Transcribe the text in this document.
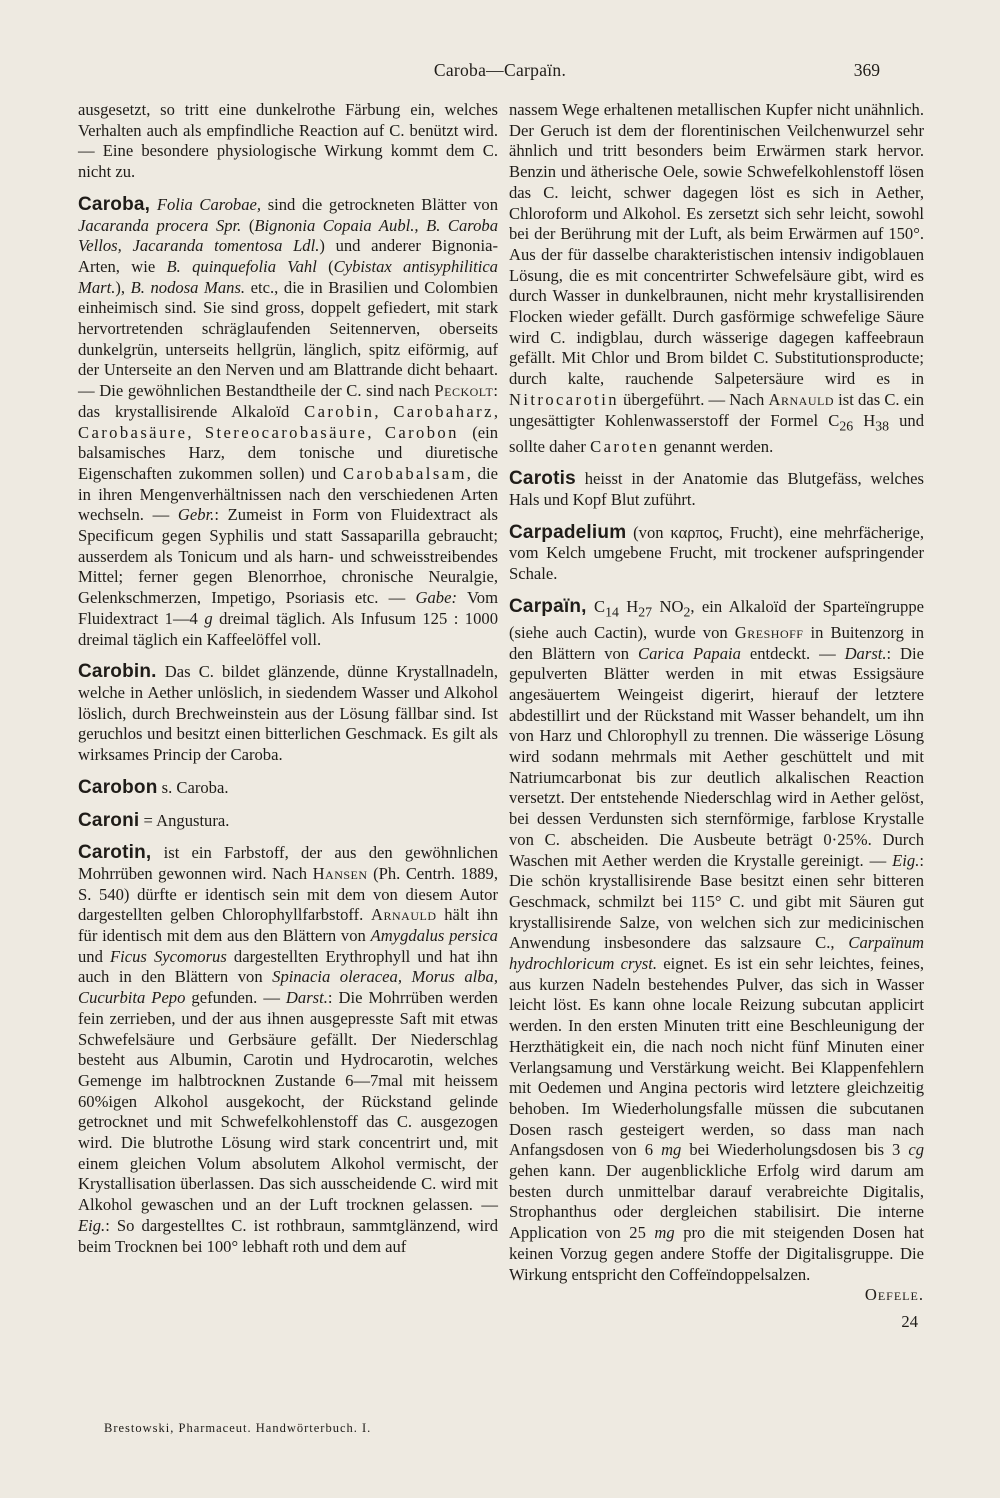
Caroba—Carpaïn.	369

ausgesetzt, so tritt eine dunkelrothe Färbung ein, welches Verhalten auch als empfindliche Reaction auf C. benützt wird. — Eine besondere physiologische Wirkung kommt dem C. nicht zu.

Caroba, Folia Carobae, sind die getrockneten Blätter von Jacaranda procera Spr. (Bignonia Copaia Aubl., B. Caroba Vellos, Jacaranda tomentosa Ldl.) und anderer Bignonia-Arten, wie B. quinquefolia Vahl (Cybistax antisyphilitica Mart.), B. nodosa Mans. etc., die in Brasilien und Colombien einheimisch sind. Sie sind gross, doppelt gefiedert, mit stark hervortretenden schräglaufenden Seitennerven, oberseits dunkelgrün, unterseits hellgrün, länglich, spitz eiförmig, auf der Unterseite an den Nerven und am Blattrande dicht behaart. — Die gewöhnlichen Bestandtheile der C. sind nach Peckolt: das krystallisirende Alkaloïd Carobin, Carobaharz, Carobasäure, Stereocarobasäure, Carobon (ein balsamisches Harz, dem tonische und diuretische Eigenschaften zukommen sollen) und Carobabalsam, die in ihren Mengenverhältnissen nach den verschiedenen Arten wechseln. — Gebr.: Zumeist in Form von Fluidextract als Specificum gegen Syphilis und statt Sassaparilla gebraucht; ausserdem als Tonicum und als harn- und schweisstreibendes Mittel; ferner gegen Blenorrhoe, chronische Neuralgie, Gelenkschmerzen, Impetigo, Psoriasis etc. — Gabe: Vom Fluidextract 1—4 g dreimal täglich. Als Infusum 125 : 1000 dreimal täglich ein Kaffeelöffel voll.

Carobin. Das C. bildet glänzende, dünne Krystallnadeln, welche in Aether unlöslich, in siedendem Wasser und Alkohol löslich, durch Brechweinstein aus der Lösung fällbar sind. Ist geruchlos und besitzt einen bitterlichen Geschmack. Es gilt als wirksames Princip der Caroba.

Carobon s. Caroba.

Caroni = Angustura.

Carotin, ist ein Farbstoff, der aus den gewöhnlichen Mohrrüben gewonnen wird. Nach Hansen (Ph. Centrh. 1889, S. 540) dürfte er identisch sein mit dem von diesem Autor dargestellten gelben Chlorophyllfarbstoff. Arnauld hält ihn für identisch mit dem aus den Blättern von Amygdalus persica und Ficus Sycomorus dargestellten Erythrophyll und hat ihn auch in den Blättern von Spinacia oleracea, Morus alba, Cucurbita Pepo gefunden. — Darst.: Die Mohrrüben werden fein zerrieben, und der aus ihnen ausgepresste Saft mit etwas Schwefelsäure und Gerbsäure gefällt. Der Niederschlag besteht aus Albumin, Carotin und Hydrocarotin, welches Gemenge im halbtrocknen Zustande 6—7mal mit heissem 60%igen Alkohol ausgekocht, der Rückstand gelinde getrocknet und mit Schwefelkohlenstoff das C. ausgezogen wird. Die blutrothe Lösung wird stark concentrirt und, mit einem gleichen Volum absolutem Alkohol vermischt, der Krystallisation überlassen. Das sich ausscheidende C. wird mit Alkohol gewaschen und an der Luft trocknen gelassen. — Eig.: So dargestelltes C. ist rothbraun, sammtglänzend, wird beim Trocknen bei 100° lebhaft roth und dem auf

nassem Wege erhaltenen metallischen Kupfer nicht unähnlich. Der Geruch ist dem der florentinischen Veilchenwurzel sehr ähnlich und tritt besonders beim Erwärmen stark hervor. Benzin und ätherische Oele, sowie Schwefelkohlenstoff lösen das C. leicht, schwer dagegen löst es sich in Aether, Chloroform und Alkohol. Es zersetzt sich sehr leicht, sowohl bei der Berührung mit der Luft, als beim Erwärmen auf 150°. Aus der für dasselbe charakteristischen intensiv indigoblauen Lösung, die es mit concentrirter Schwefelsäure gibt, wird es durch Wasser in dunkelbraunen, nicht mehr krystallisirenden Flocken wieder gefällt. Durch gasförmige schwefelige Säure wird C. indigblau, durch wässerige dagegen kaffeebraun gefällt. Mit Chlor und Brom bildet C. Substitutionsproducte; durch kalte, rauchende Salpetersäure wird es in Nitrocarotin übergeführt. — Nach Arnauld ist das C. ein ungesättigter Kohlenwasserstoff der Formel $C_{26}$ $H_{38}$ und sollte daher Caroten genannt werden.

Carotis heisst in der Anatomie das Blutgefäss, welches Hals und Kopf Blut zuführt.

Carpadelium (von καρπος, Frucht), eine mehrfächerige, vom Kelch umgebene Frucht, mit trockener aufspringender Schale.

Carpaïn, $C_{14}$ $H_{27}$ $NO_2$, ein Alkaloïd der Sparteïngruppe (siehe auch Cactin), wurde von Greshoff in Buitenzorg in den Blättern von Carica Papaia entdeckt. — Darst.: Die gepulverten Blätter werden in mit etwas Essigsäure angesäuertem Weingeist digerirt, hierauf der letztere abdestillirt und der Rückstand mit Wasser behandelt, um ihn von Harz und Chlorophyll zu trennen. Die wässerige Lösung wird sodann mehrmals mit Aether geschüttelt und mit Natriumcarbonat bis zur deutlich alkalischen Reaction versetzt. Der entstehende Niederschlag wird in Aether gelöst, bei dessen Verdunsten sich sternförmige, farblose Krystalle von C. abscheiden. Die Ausbeute beträgt 0·25%. Durch Waschen mit Aether werden die Krystalle gereinigt. — Eig.: Die schön krystallisirende Base besitzt einen sehr bitteren Geschmack, schmilzt bei 115° C. und gibt mit Säuren gut krystallisirende Salze, von welchen sich zur medicinischen Anwendung insbesondere das salzsaure C., Carpaïnum hydrochloricum cryst. eignet. Es ist ein sehr leichtes, feines, aus kurzen Nadeln bestehendes Pulver, das sich in Wasser leicht löst. Es kann ohne locale Reizung subcutan applicirt werden. In den ersten Minuten tritt eine Beschleunigung der Herzthätigkeit ein, die nach noch nicht fünf Minuten einer Verlangsamung und Verstärkung weicht. Bei Klappenfehlern mit Oedemen und Angina pectoris wird letztere gleichzeitig behoben. Im Wiederholungsfalle müssen die subcutanen Dosen rasch gesteigert werden, so dass man nach Anfangsdosen von 6 mg bei Wiederholungsdosen bis 3 cg gehen kann. Der augenblickliche Erfolg wird darum am besten durch unmittelbar darauf verabreichte Digitalis, Strophanthus oder dergleichen stabilisirt. Die interne Application von 25 mg pro die mit steigenden Dosen hat keinen Vorzug gegen andere Stoffe der Digitalisgruppe. Die Wirkung entspricht den Coffeïndoppelsalzen.

Oefele.
24
Brestowski, Pharmaceut. Handwörterbuch. I.
